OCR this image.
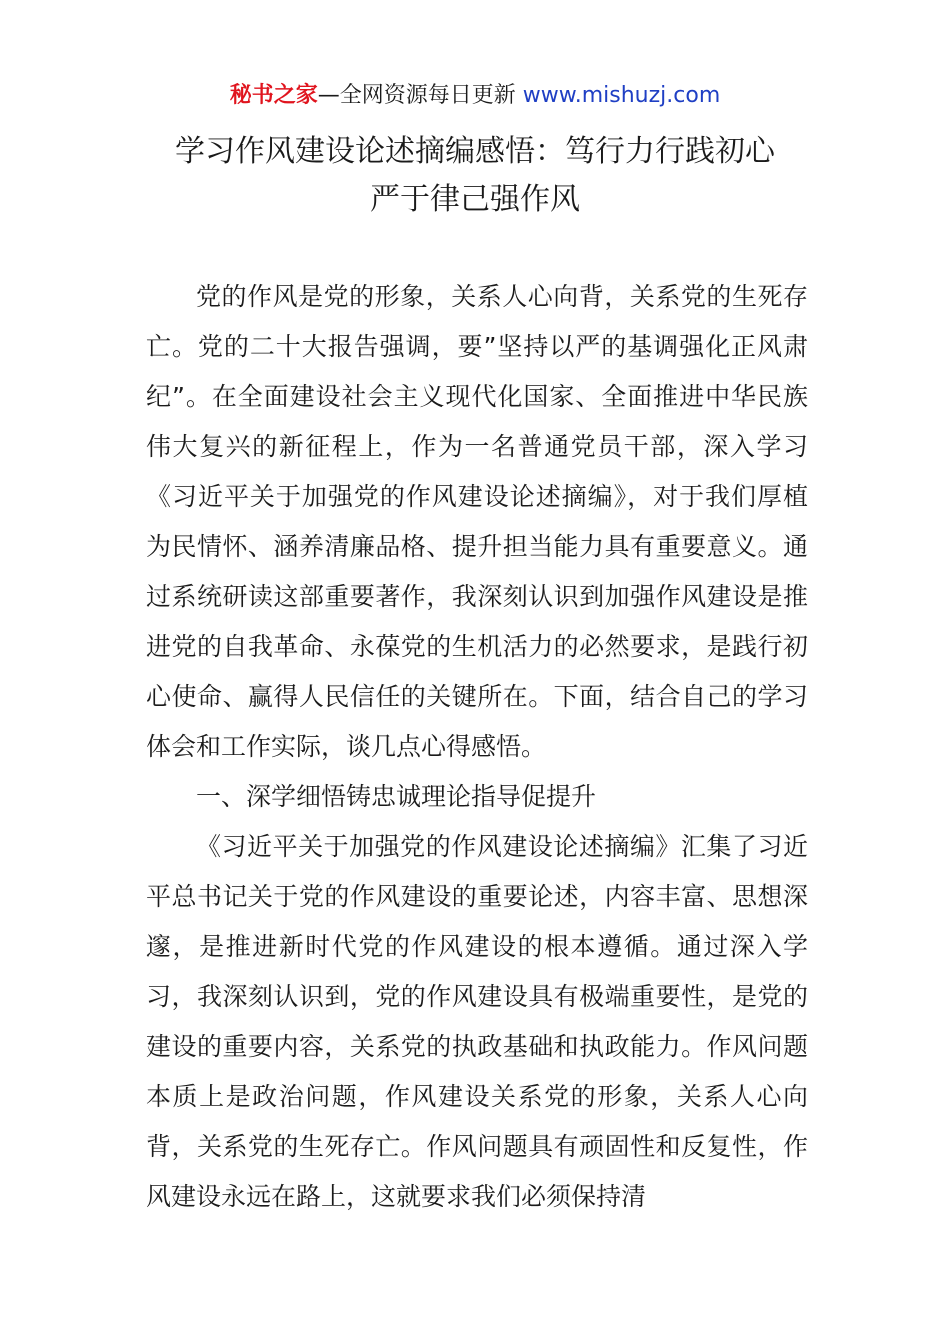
秘书之家—全网资源每日更新 www.mishuzj.com
学习作风建设论述摘编感悟：笃行力行践初心
严于律己强作风

党的作风是党的形象，关系人心向背，关系党的生死存亡。党的二十大报告强调，要”坚持以严的基调强化正风肃纪”。在全面建设社会主义现代化国家、全面推进中华民族伟大复兴的新征程上，作为一名普通党员干部，深入学习《习近平关于加强党的作风建设论述摘编》，对于我们厚植为民情怀、涵养清廉品格、提升担当能力具有重要意义。通过系统研读这部重要著作，我深刻认识到加强作风建设是推进党的自我革命、永葆党的生机活力的必然要求，是践行初心使命、赢得人民信任的关键所在。下面，结合自己的学习体会和工作实际，谈几点心得感悟。

一、深学细悟铸忠诚理论指导促提升

《习近平关于加强党的作风建设论述摘编》汇集了习近平总书记关于党的作风建设的重要论述，内容丰富、思想深邃，是推进新时代党的作风建设的根本遵循。通过深入学习，我深刻认识到，党的作风建设具有极端重要性，是党的建设的重要内容，关系党的执政基础和执政能力。作风问题本质上是政治问题，作风建设关系党的形象，关系人心向背，关系党的生死存亡。作风问题具有顽固性和反复性，作风建设永远在路上，这就要求我们必须保持清
